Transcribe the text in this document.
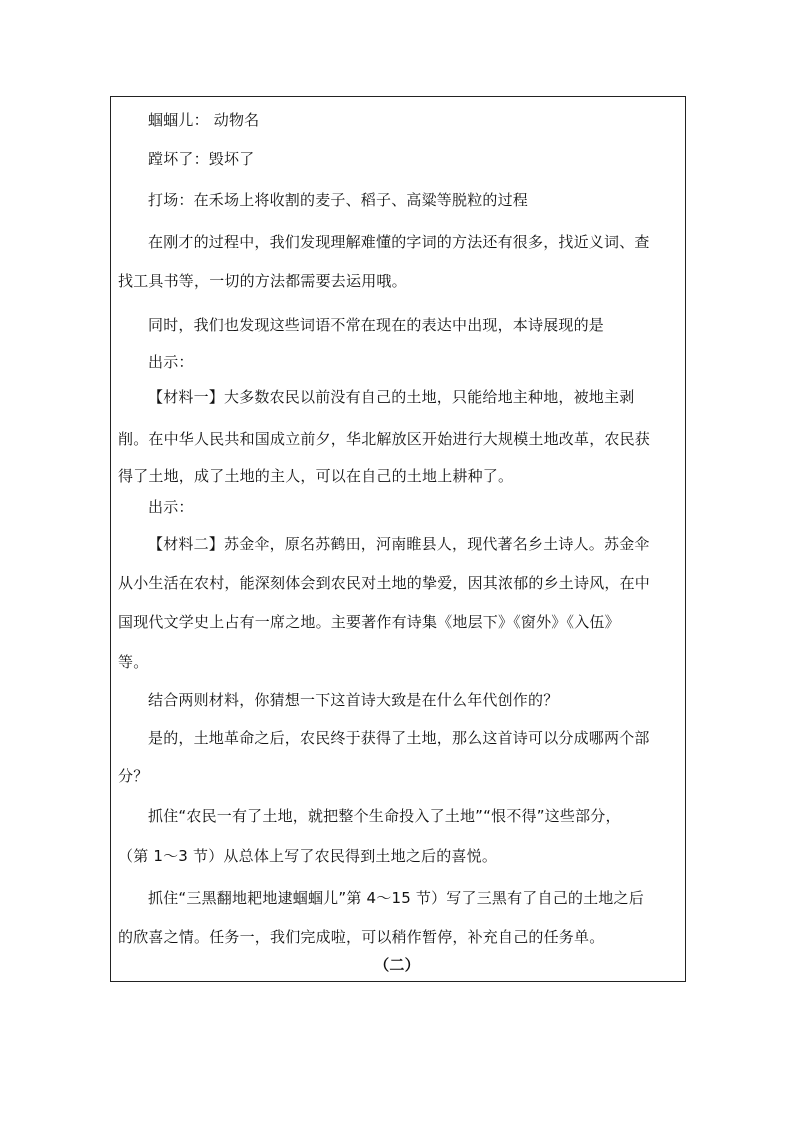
蝈蝈儿： 动物名
蹚坏了：毁坏了
打场：在禾场上将收割的麦子、稻子、高粱等脱粒的过程
在刚才的过程中，我们发现理解难懂的字词的方法还有很多，找近义词、查
找工具书等，一切的方法都需要去运用哦。
同时，我们也发现这些词语不常在现在的表达中出现，本诗展现的是
出示：
【材料一】大多数农民以前没有自己的土地，只能给地主种地，被地主剥
削。在中华人民共和国成立前夕，华北解放区开始进行大规模土地改革，农民获
得了土地，成了土地的主人，可以在自己的土地上耕种了。
出示：
【材料二】苏金伞，原名苏鹤田，河南睢县人，现代著名乡土诗人。苏金伞
从小生活在农村，能深刻体会到农民对土地的挚爱，因其浓郁的乡土诗风，在中
国现代文学史上占有一席之地。主要著作有诗集《地层下》《窗外》《入伍》
等。
结合两则材料，你猜想一下这首诗大致是在什么年代创作的？
是的，土地革命之后，农民终于获得了土地，那么这首诗可以分成哪两个部
分？
抓住“农民一有了土地，就把整个生命投入了土地”“恨不得”这些部分，
（第 1～3 节）从总体上写了农民得到土地之后的喜悦。
抓住“三黑翻地耙地逮蝈蝈儿”第 4～15 节）写了三黑有了自己的土地之后
的欣喜之情。任务一，我们完成啦，可以稍作暂停，补充自己的任务单。
（二）
